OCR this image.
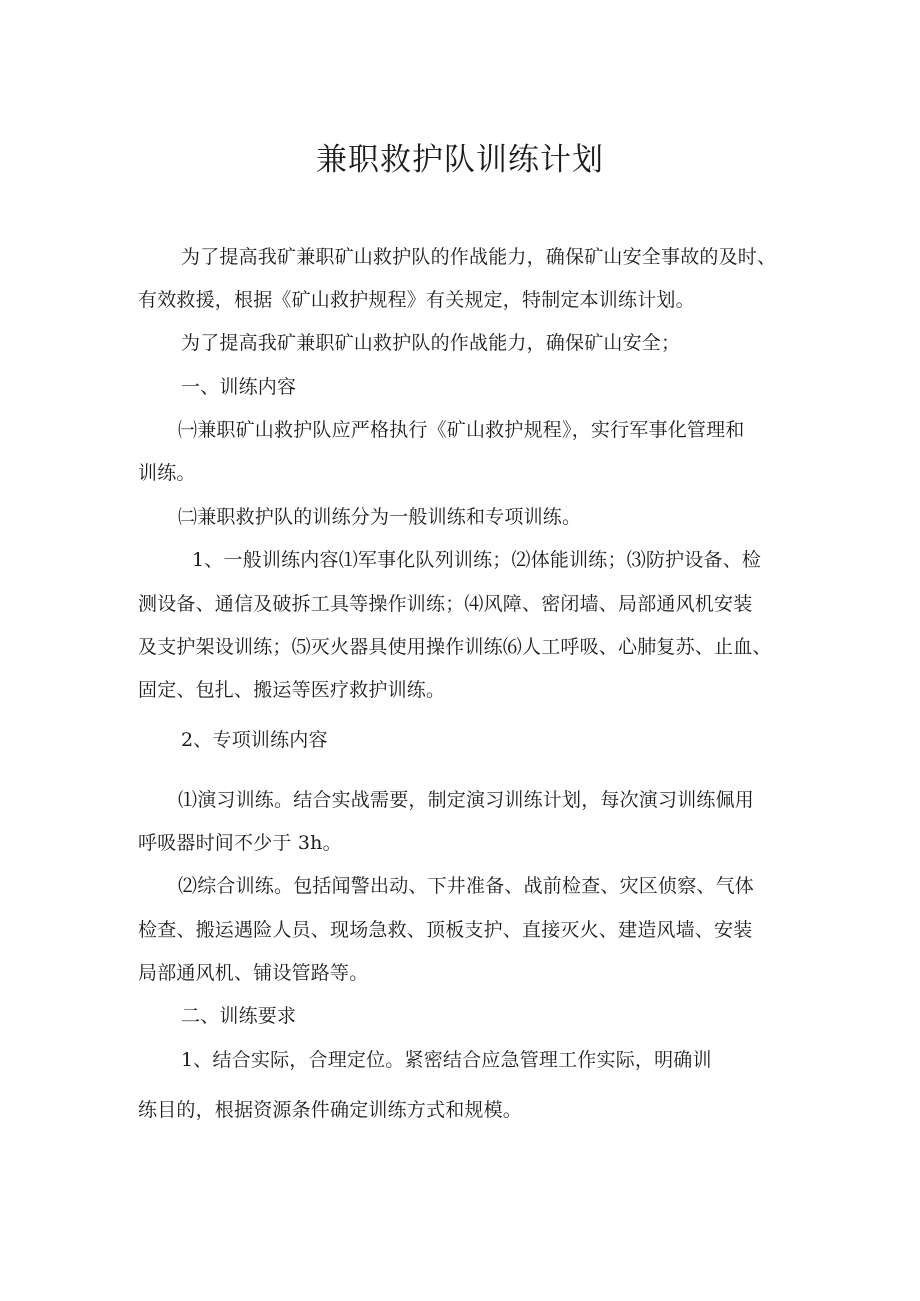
兼职救护队训练计划
为了提高我矿兼职矿山救护队的作战能力，确保矿山安全事故的及时、
有效救援，根据《矿山救护规程》有关规定，特制定本训练计划。
为了提高我矿兼职矿山救护队的作战能力，确保矿山安全；
一、训练内容
㈠兼职矿山救护队应严格执行《矿山救护规程》，实行军事化管理和
训练。
㈡兼职救护队的训练分为一般训练和专项训练。
1、一般训练内容⑴军事化队列训练；⑵体能训练；⑶防护设备、检
测设备、通信及破拆工具等操作训练；⑷风障、密闭墙、局部通风机安装
及支护架设训练；⑸灭火器具使用操作训练⑹人工呼吸、心肺复苏、止血、
固定、包扎、搬运等医疗救护训练。
2、专项训练内容
⑴演习训练。结合实战需要，制定演习训练计划，每次演习训练佩用
呼吸器时间不少于 3h。
⑵综合训练。包括闻警出动、下井准备、战前检查、灾区侦察、气体
检查、搬运遇险人员、现场急救、顶板支护、直接灭火、建造风墙、安装
局部通风机、铺设管路等。
二、训练要求
1、结合实际，合理定位。紧密结合应急管理工作实际，明确训
练目的，根据资源条件确定训练方式和规模。
